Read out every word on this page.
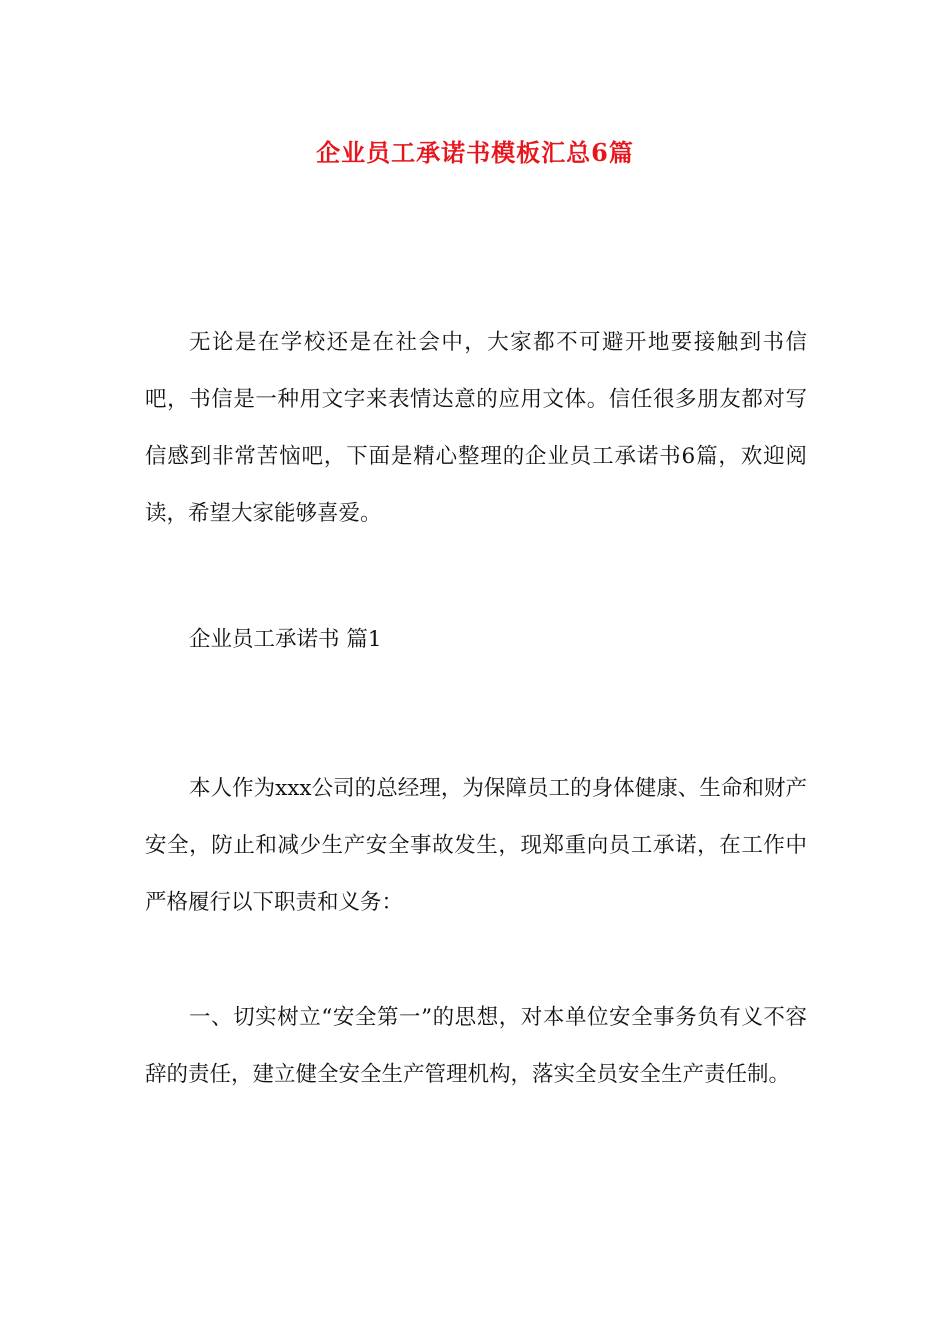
企业员工承诺书模板汇总6篇

无论是在学校还是在社会中，大家都不可避开地要接触到书信吧，书信是一种用文字来表情达意的应用文体。信任很多朋友都对写信感到非常苦恼吧，下面是精心整理的企业员工承诺书6篇，欢迎阅读，希望大家能够喜爱。

企业员工承诺书 篇1

本人作为xxx公司的总经理，为保障员工的身体健康、生命和财产安全，防止和减少生产安全事故发生，现郑重向员工承诺，在工作中严格履行以下职责和义务：

一、切实树立“安全第一”的思想，对本单位安全事务负有义不容辞的责任，建立健全安全生产管理机构，落实全员安全生产责任制。
